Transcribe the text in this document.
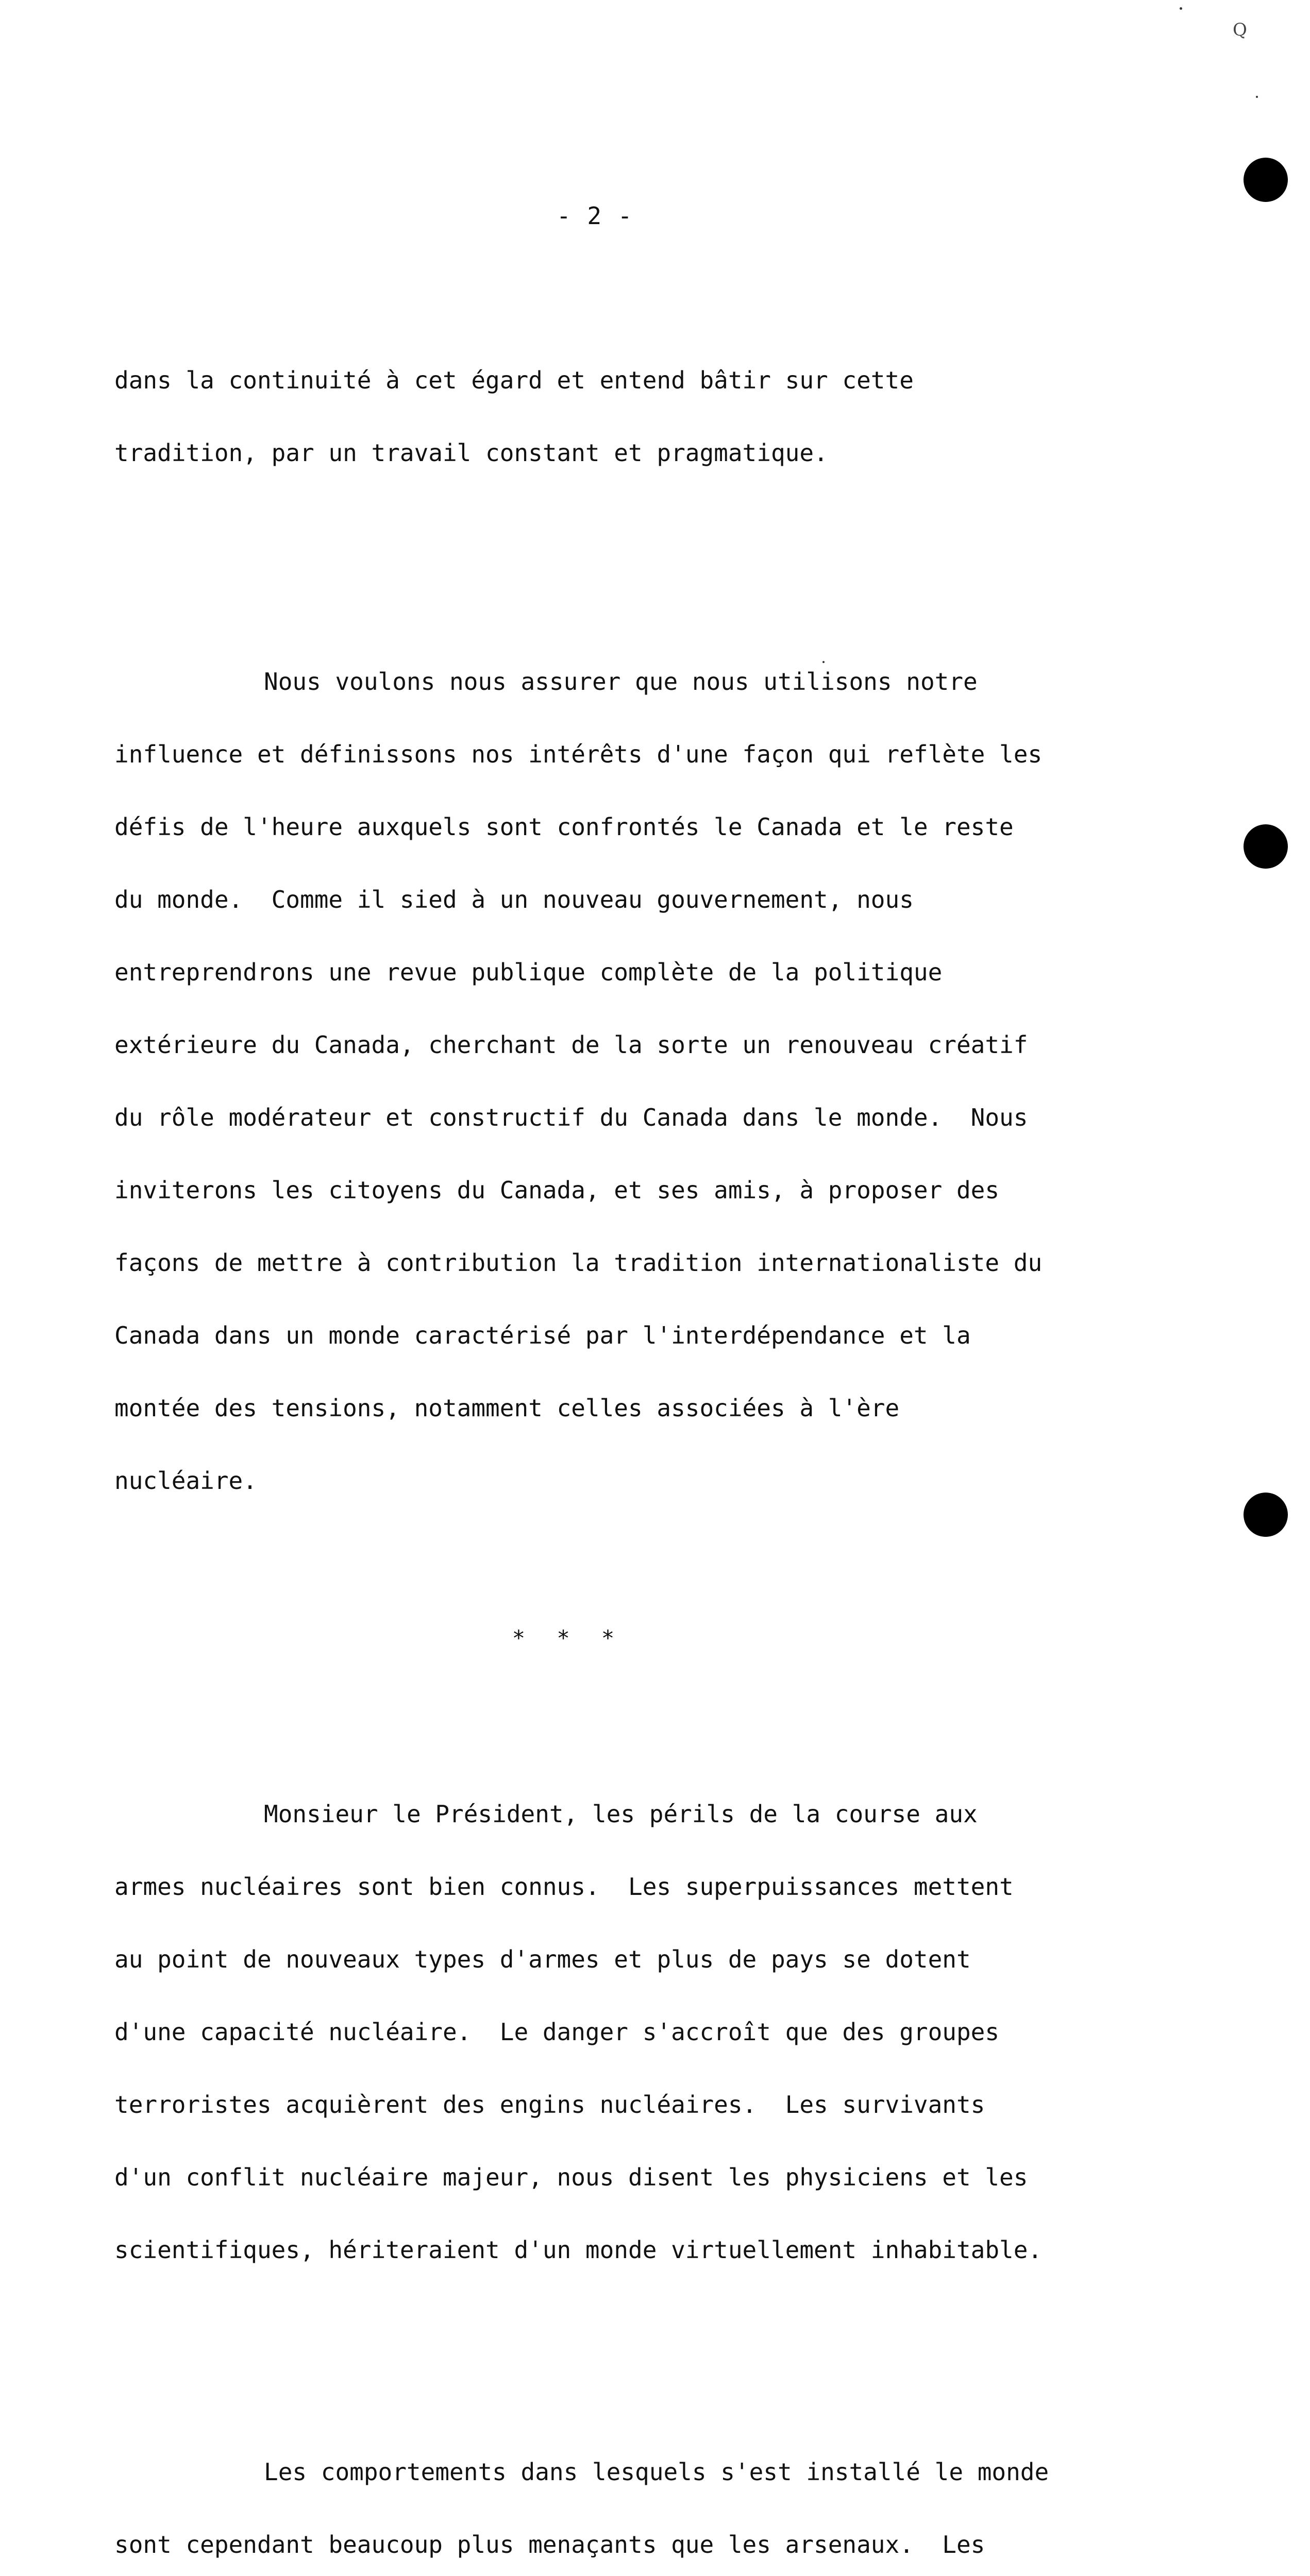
- 2 -
Q

dans la continuité à cet égard et entend bâtir sur cette

tradition, par un travail constant et pragmatique.

Nous voulons nous assurer que nous utilisons notre

influence et définissons nos intérêts d'une façon qui reflète les

défis de l'heure auxquels sont confrontés le Canada et le reste

du monde.  Comme il sied à un nouveau gouvernement, nous

entreprendrons une revue publique complète de la politique

extérieure du Canada, cherchant de la sorte un renouveau créatif

du rôle modérateur et constructif du Canada dans le monde.  Nous

inviterons les citoyens du Canada, et ses amis, à proposer des

façons de mettre à contribution la tradition internationaliste du

Canada dans un monde caractérisé par l'interdépendance et la

montée des tensions, notamment celles associées à l'ère

nucléaire.

* * *

Monsieur le Président, les périls de la course aux

armes nucléaires sont bien connus.  Les superpuissances mettent

au point de nouveaux types d'armes et plus de pays se dotent

d'une capacité nucléaire.  Le danger s'accroît que des groupes

terroristes acquièrent des engins nucléaires.  Les survivants

d'un conflit nucléaire majeur, nous disent les physiciens et les

scientifiques, hériteraient d'un monde virtuellement inhabitable.

Les comportements dans lesquels s'est installé le monde

sont cependant beaucoup plus menaçants que les arsenaux.  Les
